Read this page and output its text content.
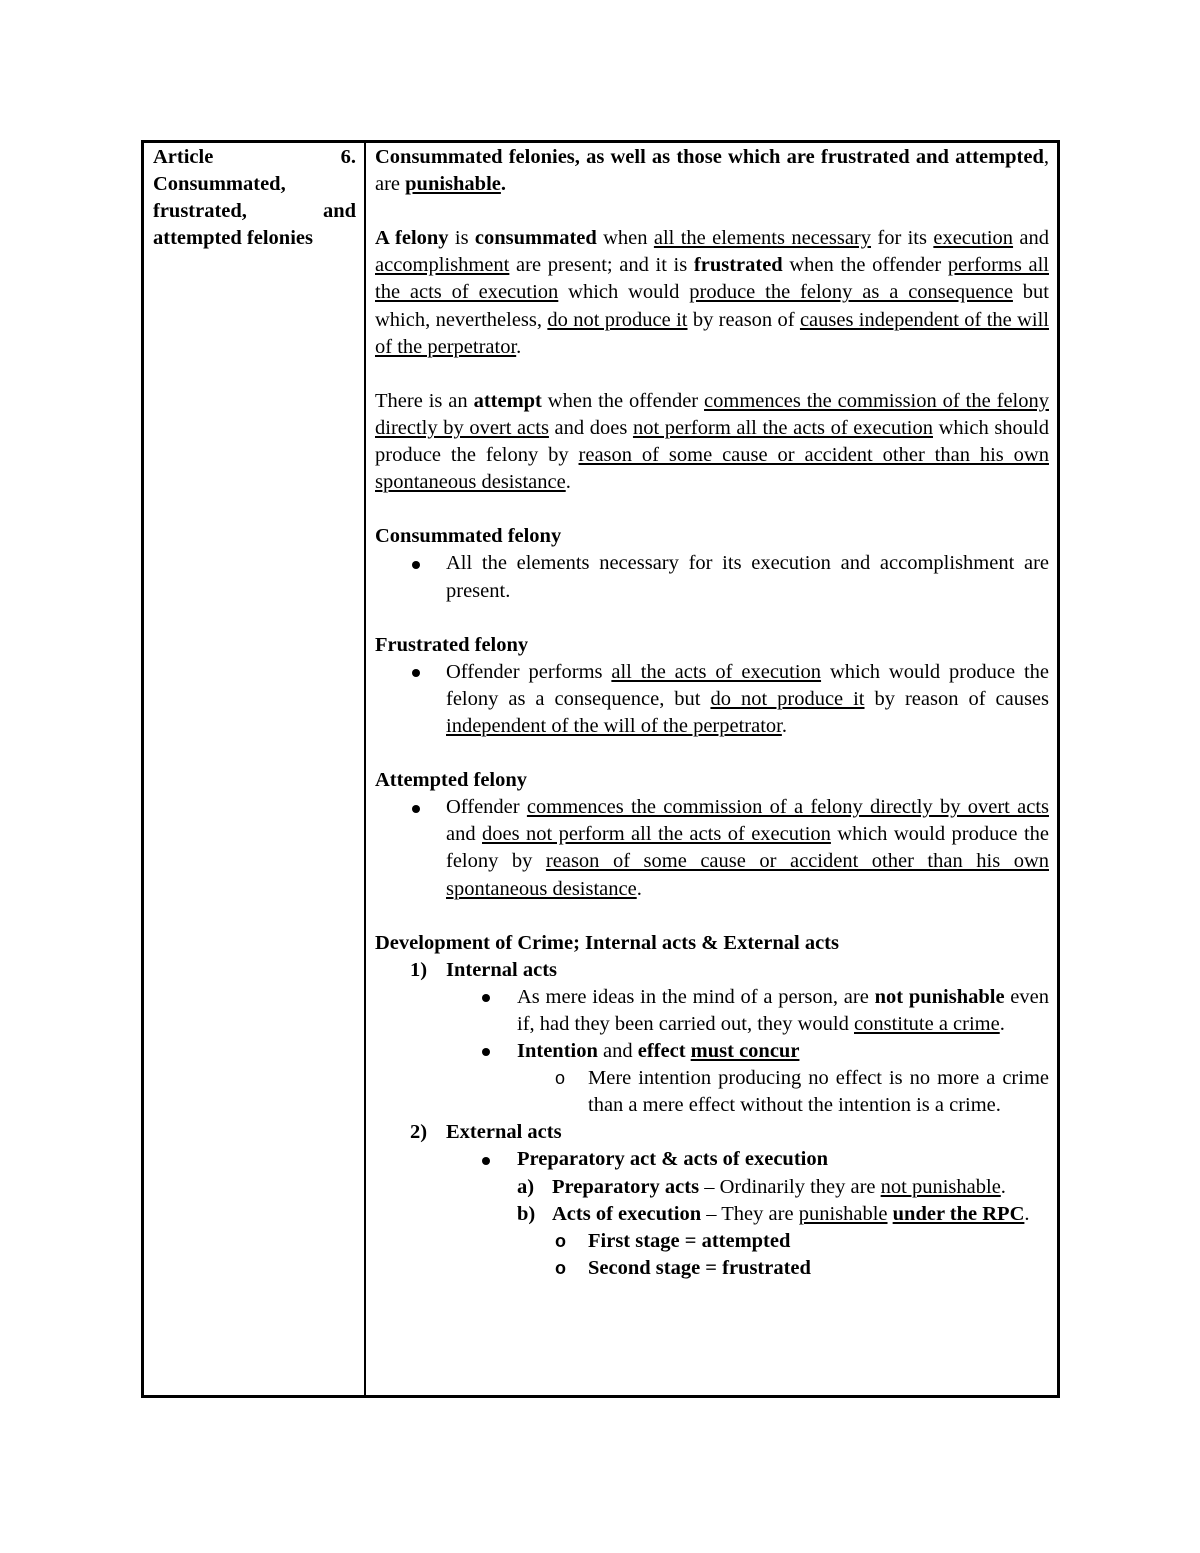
Article	6.
Consummated,
frustrated,	and
attempted felonies

Consummated felonies, as well as those which are frustrated and attempted, are punishable.

A felony is consummated when all the elements necessary for its execution and accomplishment are present; and it is frustrated when the offender performs all the acts of execution which would produce the felony as a consequence but which, nevertheless, do not produce it by reason of causes independent of the will of the perpetrator.

There is an attempt when the offender commences the commission of the felony directly by overt acts and does not perform all the acts of execution which should produce the felony by reason of some cause or accident other than his own spontaneous desistance.

Consummated felony
All the elements necessary for its execution and accomplishment are present.
Frustrated felony
Offender performs all the acts of execution which would produce the felony as a consequence, but do not produce it by reason of causes independent of the will of the perpetrator.
Attempted felony
Offender commences the commission of a felony directly by overt acts and does not perform all the acts of execution which would produce the felony by reason of some cause or accident other than his own spontaneous desistance.
Development of Crime; Internal acts & External acts
1) Internal acts
As mere ideas in the mind of a person, are not punishable even if, had they been carried out, they would constitute a crime.
Intention and effect must concur
o Mere intention producing no effect is no more a crime than a mere effect without the intention is a crime.
2) External acts
Preparatory act & acts of execution
a) Preparatory acts – Ordinarily they are not punishable.
b) Acts of execution – They are punishable under the RPC.
o First stage = attempted
o Second stage = frustrated
